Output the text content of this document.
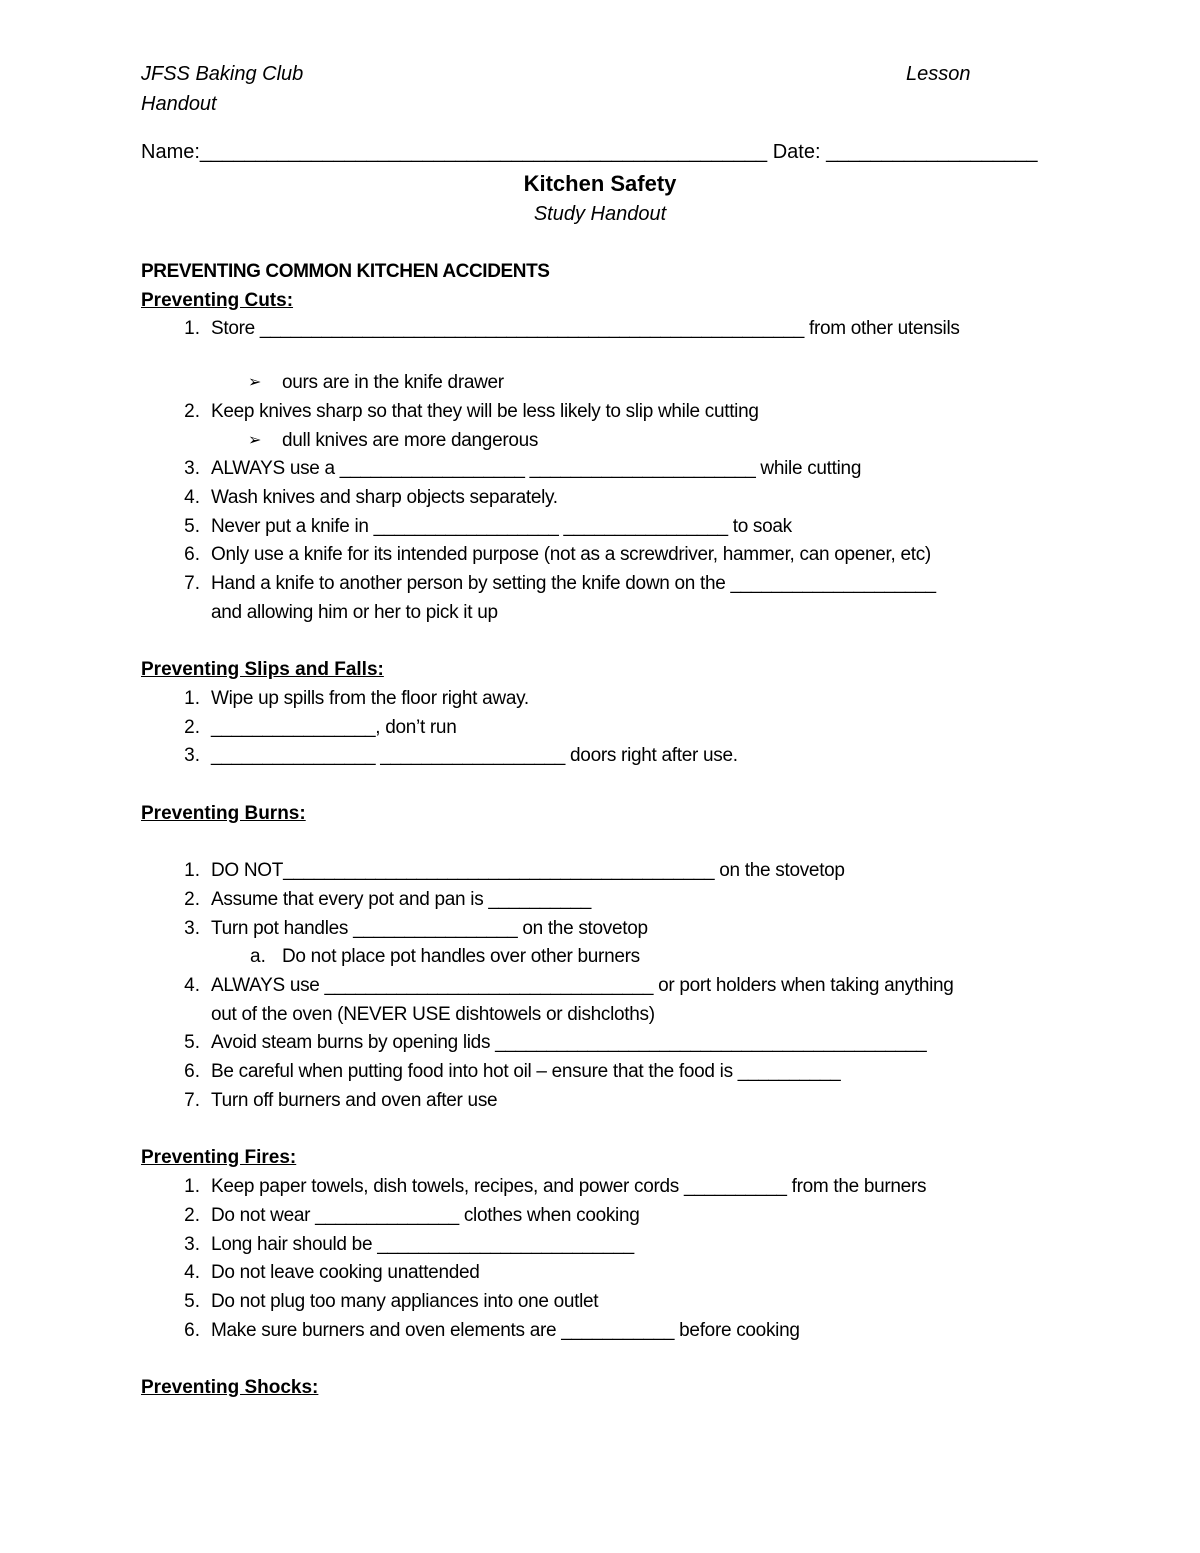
JFSS Baking Club
Handout
Lesson
Name:___________________________________________________ Date: ___________________
Kitchen Safety
Study Handout
PREVENTING COMMON KITCHEN ACCIDENTS
Preventing Cuts:
1. Store _____________________________________________________ from other utensils
➢ ours are in the knife drawer
2. Keep knives sharp so that they will be less likely to slip while cutting
➢ dull knives are more dangerous
3. ALWAYS use a __________________ ______________________ while cutting
4. Wash knives and sharp objects separately.
5. Never put a knife in __________________ ________________ to soak
6. Only use a knife for its intended purpose (not as a screwdriver, hammer, can opener, etc)
7. Hand a knife to another person by setting the knife down on the ____________________
and allowing him or her to pick it up
Preventing Slips and Falls:
1. Wipe up spills from the floor right away.
2. ________________, don’t run
3. ________________ __________________ doors right after use.
Preventing Burns:
1. DO NOT__________________________________________ on the stovetop
2. Assume that every pot and pan is __________
3. Turn pot handles ________________ on the stovetop
a. Do not place pot handles over other burners
4. ALWAYS use ________________________________ or port holders when taking anything
out of the oven (NEVER USE dishtowels or dishcloths)
5. Avoid steam burns by opening lids __________________________________________
6. Be careful when putting food into hot oil – ensure that the food is __________
7. Turn off burners and oven after use
Preventing Fires:
1. Keep paper towels, dish towels, recipes, and power cords __________ from the burners
2. Do not wear ______________ clothes when cooking
3. Long hair should be _________________________
4. Do not leave cooking unattended
5. Do not plug too many appliances into one outlet
6. Make sure burners and oven elements are ___________ before cooking
Preventing Shocks:
